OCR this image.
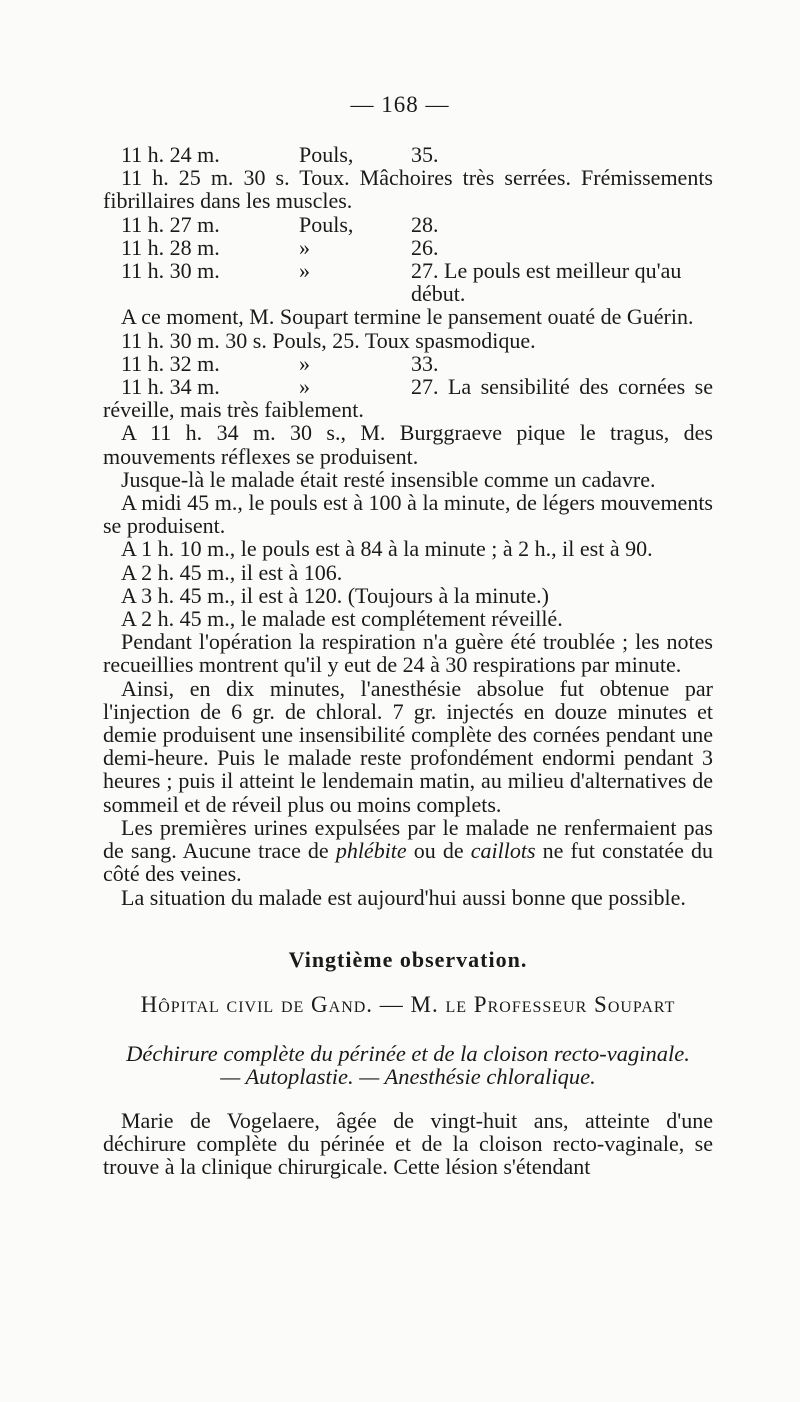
— 168 —
11 h. 24 m.	Pouls,	35.

11 h. 25 m. 30 s. Toux. Mâchoires très serrées. Frémissements fibrillaires dans les muscles.

11 h. 27 m.	Pouls,	28.
11 h. 28 m.	»	26.
11 h. 30 m.	»	27. Le pouls est meilleur qu'au début.

A ce moment, M. Soupart termine le pansement ouaté de Guérin.

11 h. 30 m. 30 s. Pouls, 25. Toux spasmodique.

11 h. 32 m.	»	33.

11 h. 34 m.	»	27. La sensibilité des cornées se réveille, mais très faiblement.

A 11 h. 34 m. 30 s., M. Burggraeve pique le tragus, des mouvements réflexes se produisent.

Jusque-là le malade était resté insensible comme un cadavre.

A midi 45 m., le pouls est à 100 à la minute, de légers mouvements se produisent.

A 1 h. 10 m., le pouls est à 84 à la minute ; à 2 h., il est à 90.

A 2 h. 45 m., il est à 106.

A 3 h. 45 m., il est à 120. (Toujours à la minute.)

A 2 h. 45 m., le malade est complétement réveillé.

Pendant l'opération la respiration n'a guère été troublée ; les notes recueillies montrent qu'il y eut de 24 à 30 respirations par minute.

Ainsi, en dix minutes, l'anesthésie absolue fut obtenue par l'injection de 6 gr. de chloral. 7 gr. injectés en douze minutes et demie produisent une insensibilité complète des cornées pendant une demi-heure. Puis le malade reste profondément endormi pendant 3 heures ; puis il atteint le lendemain matin, au milieu d'alternatives de sommeil et de réveil plus ou moins complets.

Les premières urines expulsées par le malade ne renfermaient pas de sang. Aucune trace de phlébite ou de caillots ne fut constatée du côté des veines.

La situation du malade est aujourd'hui aussi bonne que possible.

Vingtième observation.

Hôpital civil de Gand. — M. le Professeur Soupart

Déchirure complète du périnée et de la cloison recto-vaginale.
— Autoplastie. — Anesthésie chloralique.

Marie de Vogelaere, âgée de vingt-huit ans, atteinte d'une déchirure complète du périnée et de la cloison recto-vaginale, se trouve à la clinique chirurgicale. Cette lésion s'étendant
